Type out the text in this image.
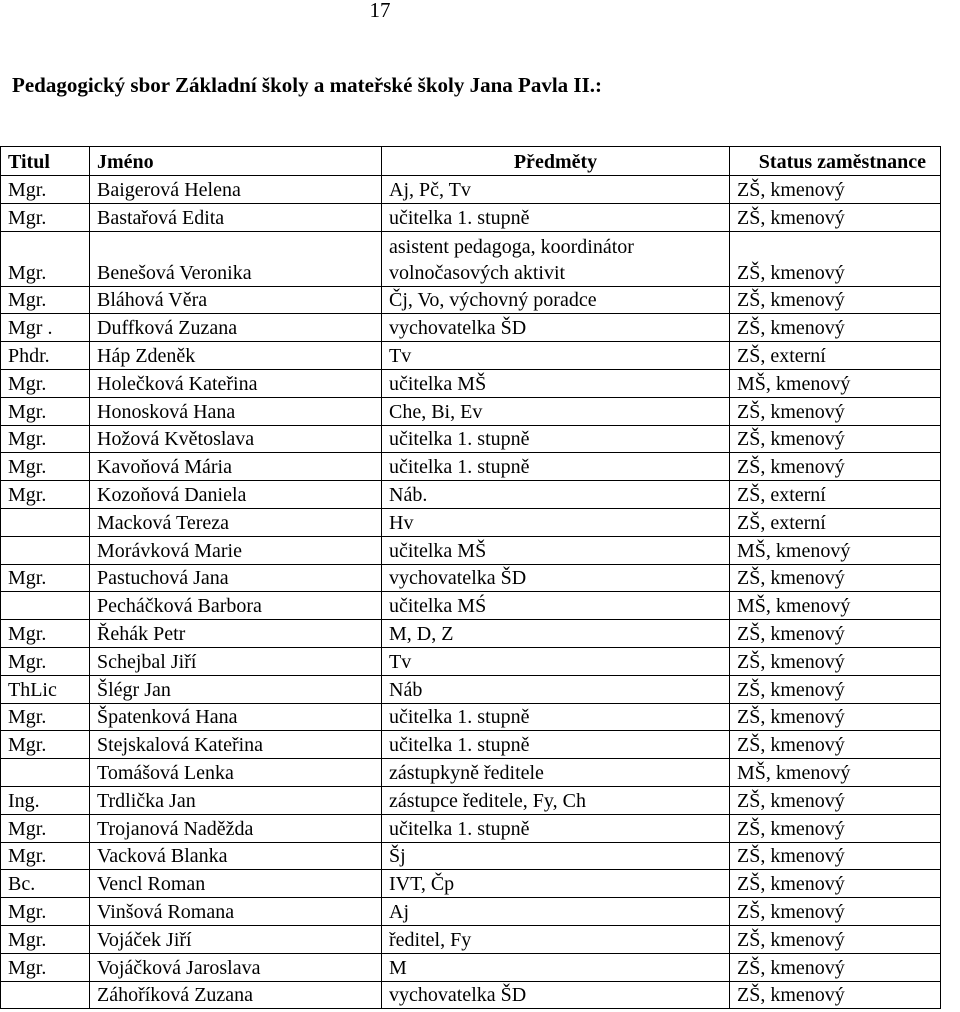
17
Pedagogický sbor Základní školy a mateřské školy Jana Pavla II.:
Titul	Jméno	Předměty	Status zaměstnance
Mgr.	Baigerová Helena	Aj, Pč, Tv	ZŠ, kmenový
Mgr.	Bastařová Edita	učitelka 1. stupně	ZŠ, kmenový
Mgr.	Benešová Veronika	asistent pedagoga, koordinátor volnočasových aktivit	ZŠ, kmenový
Mgr.	Bláhová Věra	Čj, Vo, výchovný poradce	ZŠ, kmenový
Mgr .	Duffková Zuzana	vychovatelka ŠD	ZŠ, kmenový
Phdr.	Háp Zdeněk	Tv	ZŠ, externí
Mgr.	Holečková Kateřina	učitelka MŠ	MŠ, kmenový
Mgr.	Honosková Hana	Che, Bi, Ev	ZŠ, kmenový
Mgr.	Hožová Květoslava	učitelka 1. stupně	ZŠ, kmenový
Mgr.	Kavoňová Mária	učitelka 1. stupně	ZŠ, kmenový
Mgr.	Kozoňová Daniela	Náb.	ZŠ, externí
	Macková Tereza	Hv	ZŠ, externí
	Morávková Marie	učitelka MŠ	MŠ, kmenový
Mgr.	Pastuchová Jana	vychovatelka ŠD	ZŠ, kmenový
	Pecháčková Barbora	učitelka MŚ	MŠ, kmenový
Mgr.	Řehák Petr	M, D, Z	ZŠ, kmenový
Mgr.	Schejbal Jiří	Tv	ZŠ, kmenový
ThLic	Šlégr Jan	Náb	ZŠ, kmenový
Mgr.	Špatenková Hana	učitelka 1. stupně	ZŠ, kmenový
Mgr.	Stejskalová Kateřina	učitelka 1. stupně	ZŠ, kmenový
	Tomášová Lenka	zástupkyně ředitele	MŠ, kmenový
Ing.	Trdlička Jan	zástupce ředitele, Fy, Ch	ZŠ, kmenový
Mgr.	Trojanová Naděžda	učitelka 1. stupně	ZŠ, kmenový
Mgr.	Vacková Blanka	Šj	ZŠ, kmenový
Bc.	Vencl Roman	IVT, Čp	ZŠ, kmenový
Mgr.	Vinšová Romana	Aj	ZŠ, kmenový
Mgr.	Vojáček Jiří	ředitel, Fy	ZŠ, kmenový
Mgr.	Vojáčková Jaroslava	M	ZŠ, kmenový
	Záhoříková Zuzana	vychovatelka ŠD	ZŠ, kmenový
